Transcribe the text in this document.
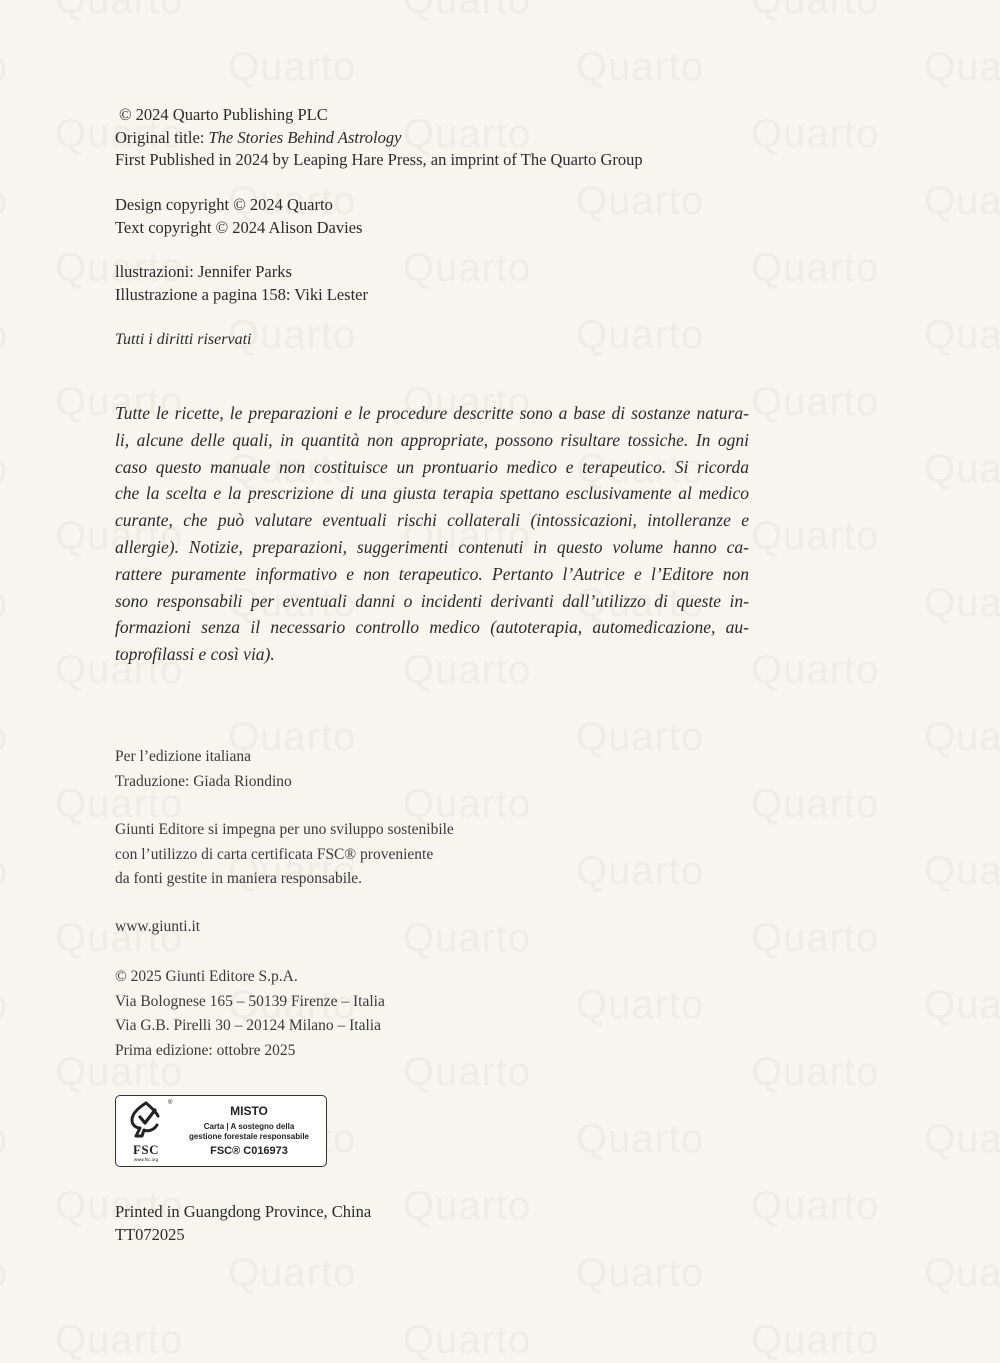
© 2024 Quarto Publishing PLC
Original title: The Stories Behind Astrology
First Published in 2024 by Leaping Hare Press, an imprint of The Quarto Group
Design copyright © 2024 Quarto
Text copyright © 2024 Alison Davies
llustrazioni: Jennifer Parks
Illustrazione a pagina 158: Viki Lester
Tutti i diritti riservati
Tutte le ricette, le preparazioni e le procedure descritte sono a base di sostanze natura-
li, alcune delle quali, in quantità non appropriate, possono risultare tossiche. In ogni
caso questo manuale non costituisce un prontuario medico e terapeutico. Si ricorda
che la scelta e la prescrizione di una giusta terapia spettano esclusivamente al medico
curante, che può valutare eventuali rischi collaterali (intossicazioni, intolleranze e
allergie). Notizie, preparazioni, suggerimenti contenuti in questo volume hanno ca-
rattere puramente informativo e non terapeutico. Pertanto l’Autrice e l’Editore non
sono responsabili per eventuali danni o incidenti derivanti dall’utilizzo di queste in-
formazioni senza il necessario controllo medico (autoterapia, automedicazione, au-
toprofilassi e così via).
Per l’edizione italiana
Traduzione: Giada Riondino
Giunti Editore si impegna per uno sviluppo sostenibile
con l’utilizzo di carta certificata FSC® proveniente
da fonti gestite in maniera responsabile.
www.giunti.it
© 2025 Giunti Editore S.p.A.
Via Bolognese 165 – 50139 Firenze – Italia
Via G.B. Pirelli 30 – 20124 Milano – Italia
Prima edizione: ottobre 2025
®
FSC
www.fsc.org
MISTO
Carta | A sostegno della
gestione forestale responsabile
FSC® C016973
Printed in Guangdong Province, China
TT072025
